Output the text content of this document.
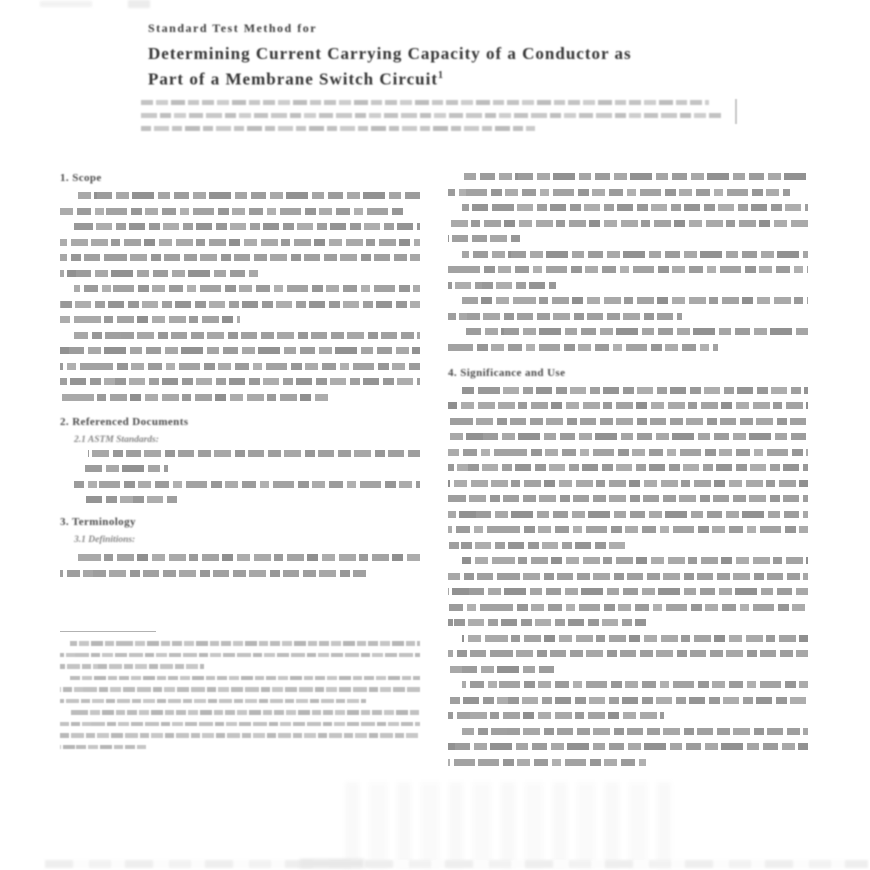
Standard Test Method for
Determining Current Carrying Capacity of a Conductor as
Part of a Membrane Switch Circuit$^1$
1. Scope
2. Referenced Documents
2.1 ASTM Standards:
3. Terminology
3.1 Definitions:
4. Significance and Use
